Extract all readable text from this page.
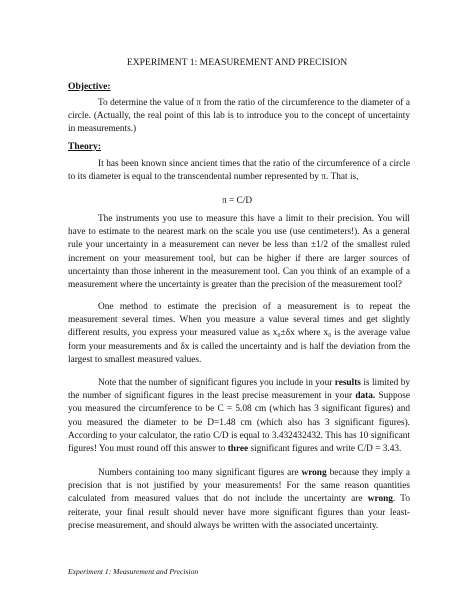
EXPERIMENT 1: MEASUREMENT AND PRECISION
Objective:
To determine the value of π from the ratio of the circumference to the diameter of a circle. (Actually, the real point of this lab is to introduce you to the concept of uncertainty in measurements.)
Theory:
It has been known since ancient times that the ratio of the circumference of a circle to its diameter is equal to the transcendental number represented by π. That is,
π = C/D
The instruments you use to measure this have a limit to their precision. You will have to estimate to the nearest mark on the scale you use (use centimeters!). As a general rule your uncertainty in a measurement can never be less than ±1/2 of the smallest ruled increment on your measurement tool, but can be higher if there are larger sources of uncertainty than those inherent in the measurement tool. Can you think of an example of a measurement where the uncertainty is greater than the precision of the measurement tool?
One method to estimate the precision of a measurement is to repeat the measurement several times. When you measure a value several times and get slightly different results, you express your measured value as x₀±δx where x₀ is the average value form your measurements and δx is called the uncertainty and is half the deviation from the largest to smallest measured values.
Note that the number of significant figures you include in your results is limited by the number of significant figures in the least precise measurement in your data. Suppose you measured the circumference to be C = 5.08 cm (which has 3 significant figures) and you measured the diameter to be D=1.48 cm (which also has 3 significant figures). According to your calculator, the ratio C/D is equal to 3.432432432. This has 10 significant figures! You must round off this answer to three significant figures and write C/D = 3.43.
Numbers containing too many significant figures are wrong because they imply a precision that is not justified by your measurements! For the same reason quantities calculated from measured values that do not include the uncertainty are wrong. To reiterate, your final result should never have more significant figures than your least-precise measurement, and should always be written with the associated uncertainty.
Experiment 1: Measurement and Precision
